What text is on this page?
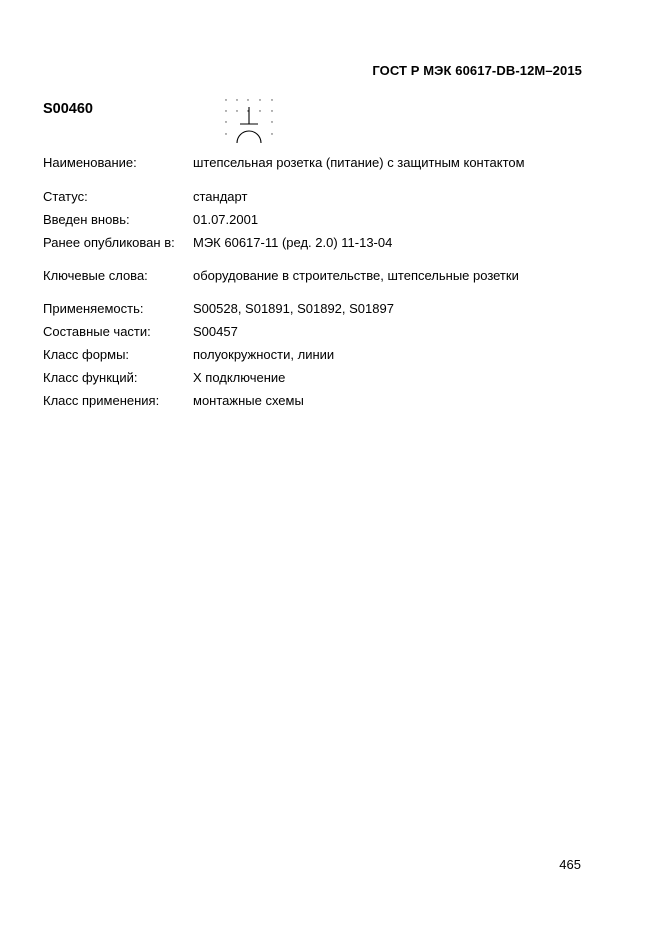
ГОСТ Р МЭК 60617-DB-12M–2015
S00460
Наименование:	штепсельная розетка (питание) с защитным контактом
Статус:	стандарт
Введен вновь:	01.07.2001
Ранее опубликован в: МЭК 60617-11 (ред. 2.0) 11-13-04
Ключевые слова:	оборудование в строительстве, штепсельные розетки
Применяемость:	S00528, S01891, S01892, S01897
Составные части:	S00457
Класс формы:	полуокружности, линии
Класс функций:	X подключение
Класс применения:	монтажные схемы
465
